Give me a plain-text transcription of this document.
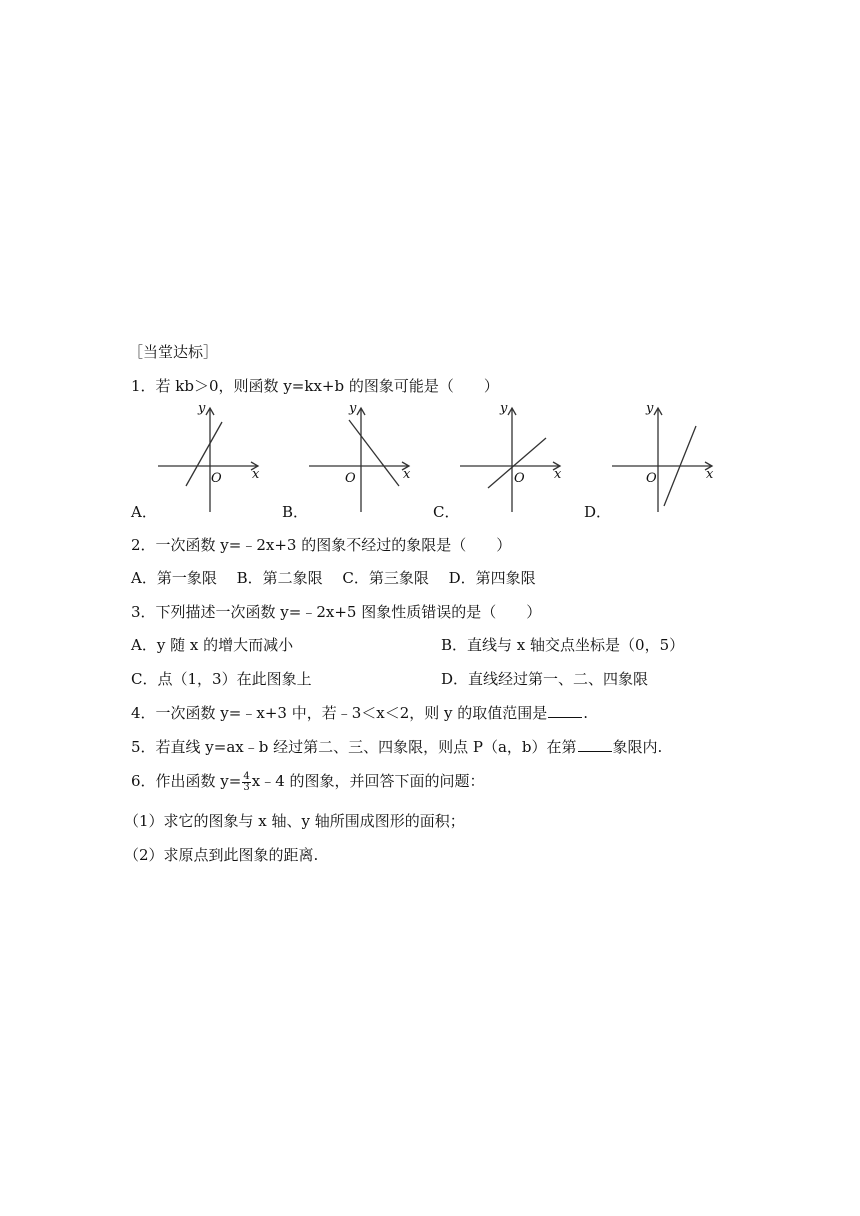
［当堂达标］
1．若 kb＞0，则函数 y=kx+b 的图象可能是（　　）
y
x
O
y
x
O
y
x
O
y
x
O
A．	B．	C．	D．
2．一次函数 y=﹣2x+3 的图象不经过的象限是（　　）
A．第一象限　 B．第二象限　 C．第三象限　 D．第四象限
3．下列描述一次函数 y=﹣2x+5 图象性质错误的是（　　）
A．y 随 x 的增大而减小	B．直线与 x 轴交点坐标是（0，5）
C．点（1，3）在此图象上	D．直线经过第一、二、四象限
4．一次函数 y=﹣x+3 中，若﹣3＜x＜2，则 y 的取值范围是 .
5．若直线 y=ax﹣b 经过第二、三、四象限，则点 P（a，b）在第 象限内.
6．作出函数 $y= \frac{4}{3}$ x﹣4 的图象，并回答下面的问题：
（1）求它的图象与 x 轴、y 轴所围成图形的面积；
（2）求原点到此图象的距离.
